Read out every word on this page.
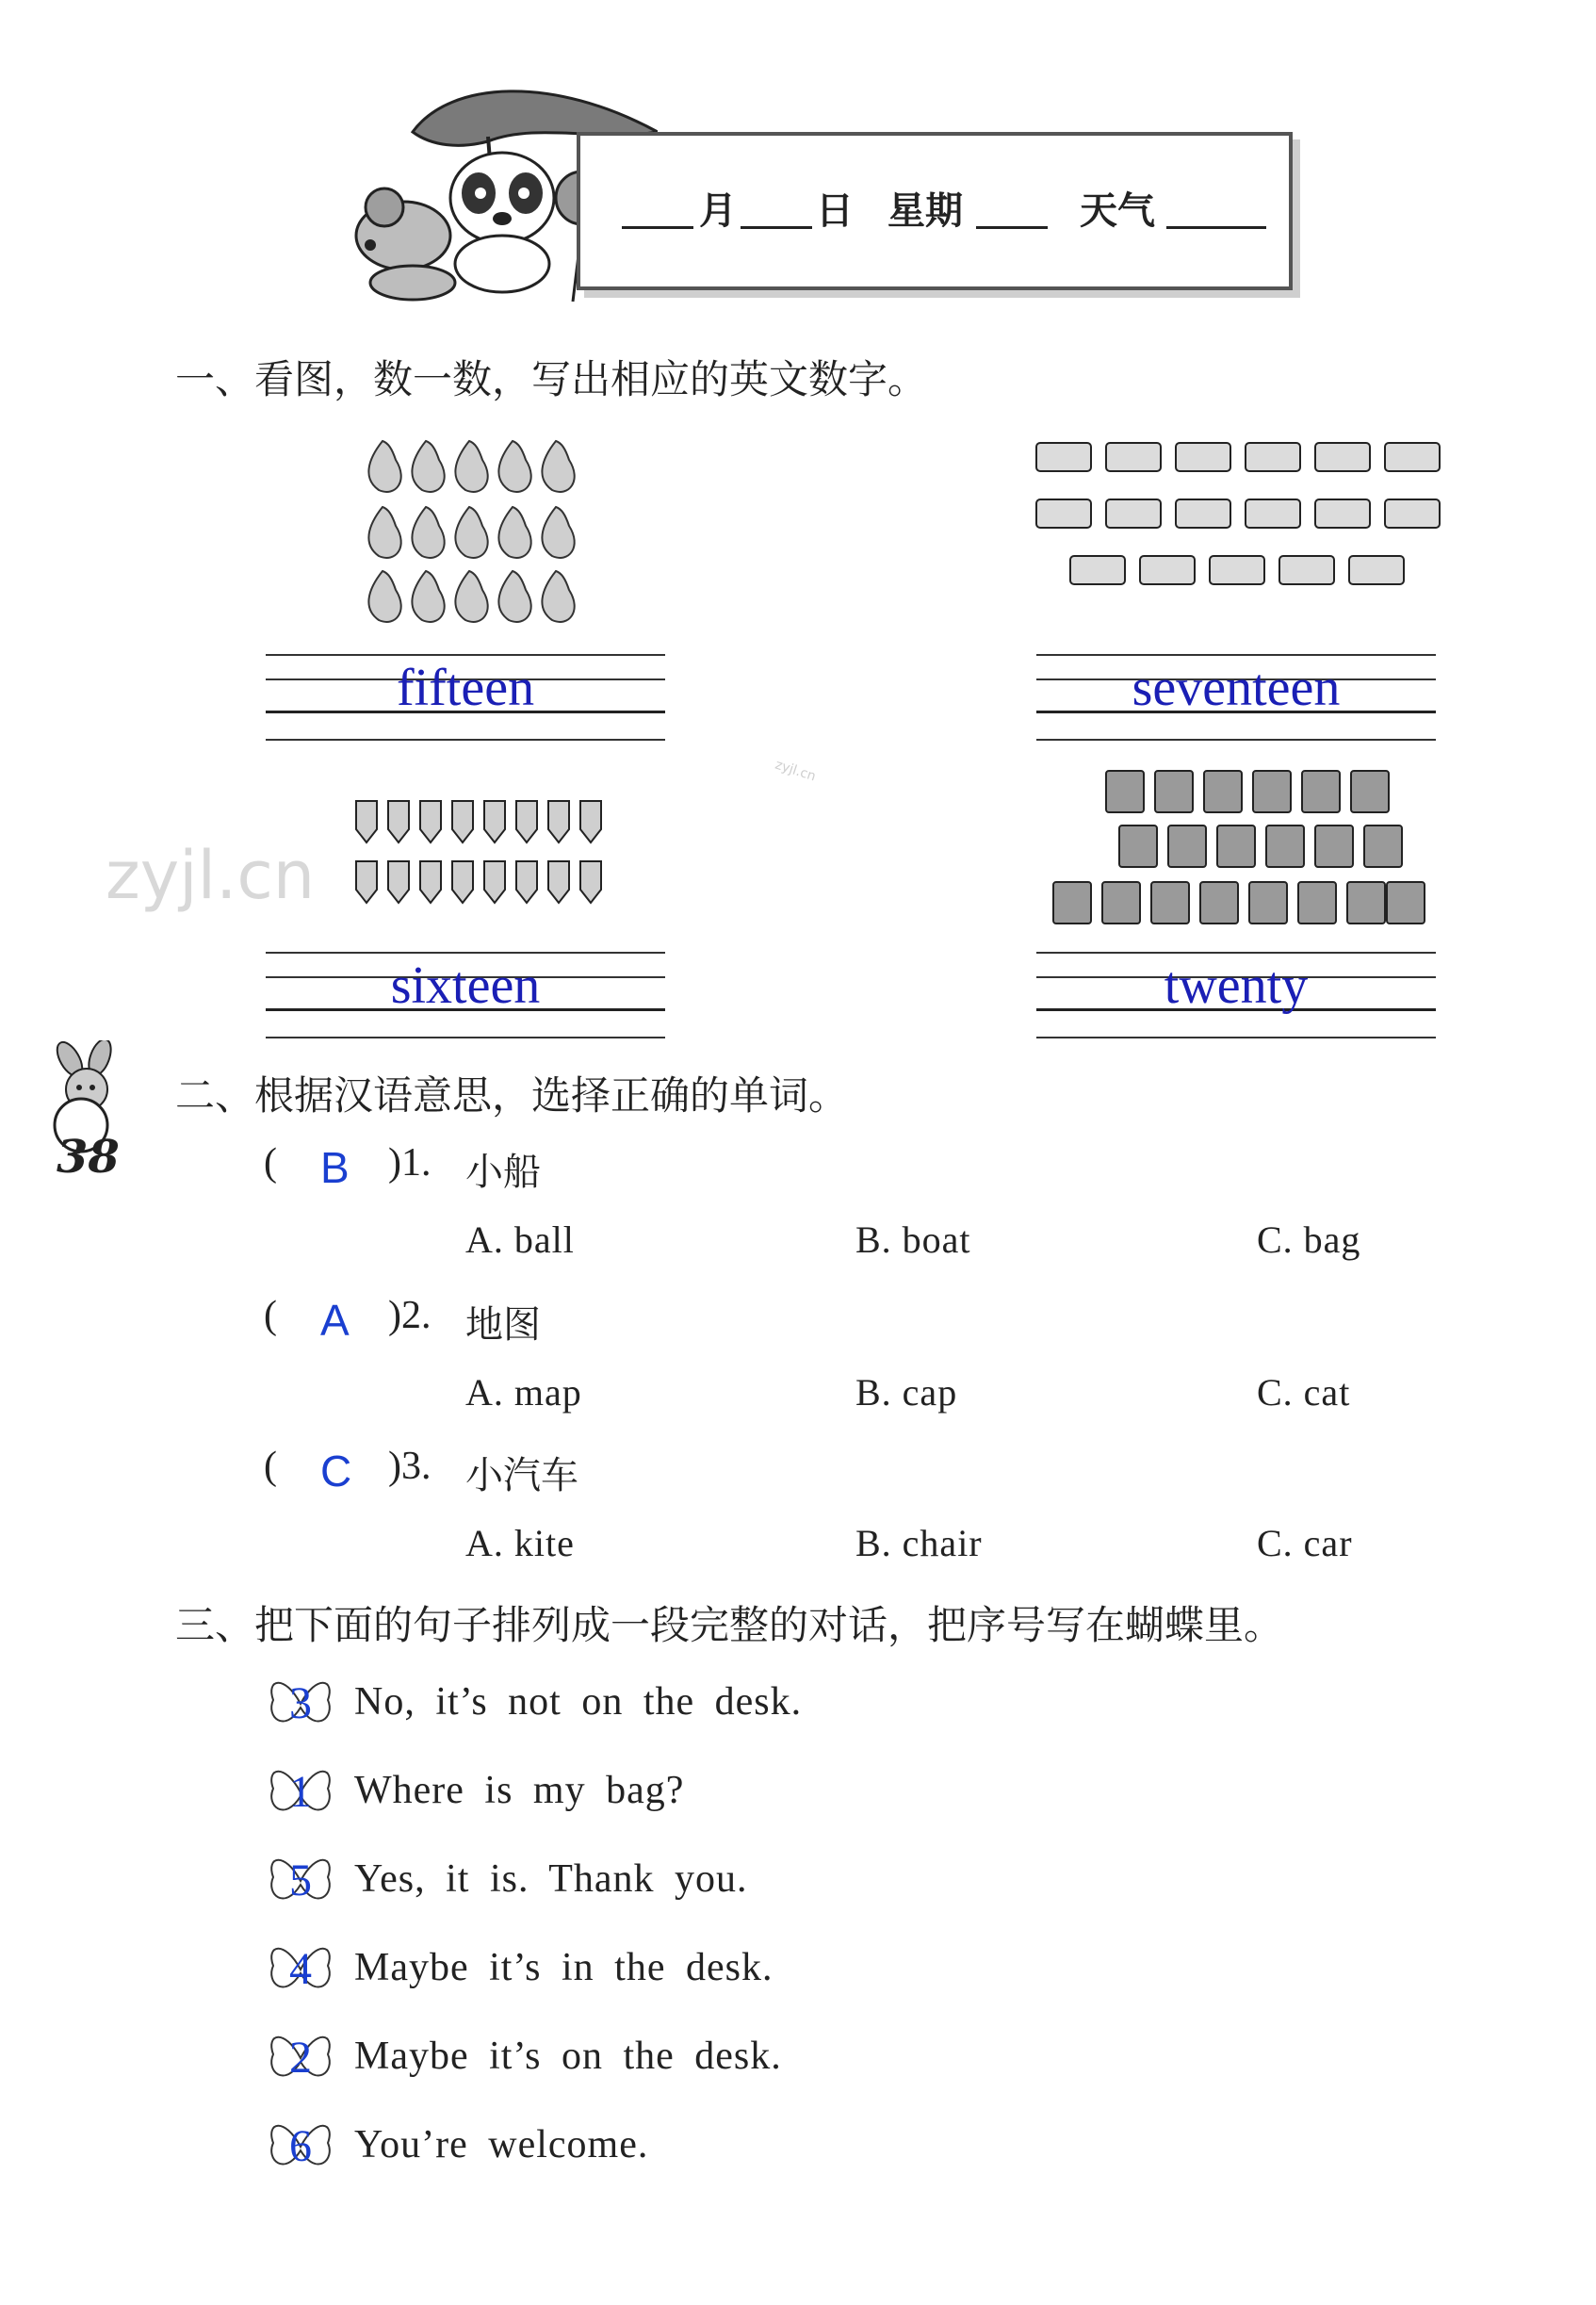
月 日 星期	天气
一、看图，数一数，写出相应的英文数字。
fifteen	seventeen
sixteen	twenty
zyjl.cn
zyjl.cn
38
二、根据汉语意思，选择正确的单词。
( B )1. 小船
A. ball	B. boat	C. bag
( A )2. 地图
A. map	B. cap	C. cat
( C )3. 小汽车
A. kite	B. chair	C. car
三、把下面的句子排列成一段完整的对话，把序号写在蝴蝶里。
3	No, it’s not on the desk.
1	Where is my bag?
5	Yes, it is. Thank you.
4	Maybe it’s in the desk.
2	Maybe it’s on the desk.
6	You’re welcome.
